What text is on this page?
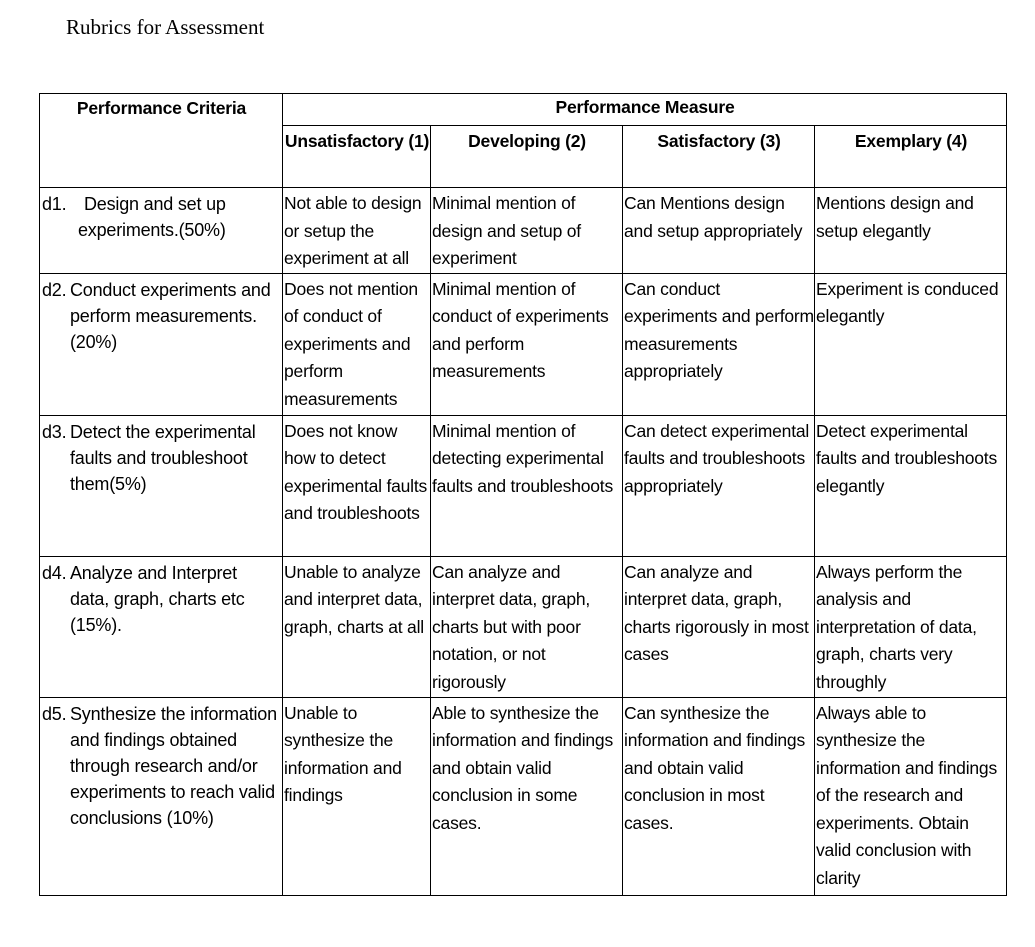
Rubrics for Assessment
Performance Criteria	Performance Measure			
	Unsatisfactory (1)	Developing (2)	Satisfactory (3)	Exemplary (4)

d1. Design and set up experiments.(50%)	Not able to design or setup the experiment at all	Minimal mention of design and setup of experiment	Can Mentions design and setup appropriately	Mentions design and setup elegantly

d2. Conduct experiments and perform measurements.(20%)	Does not mention of conduct of experiments and perform measurements	Minimal mention of conduct of experiments and perform measurements	Can conduct experiments and perform measurements appropriately	Experiment is conduced elegantly

d3. Detect the experimental faults and troubleshoot them(5%)	Does not know how to detect experimental faults and troubleshoots	Minimal mention of detecting experimental faults and troubleshoots	Can detect experimental faults and troubleshoots appropriately	Detect experimental faults and troubleshoots elegantly

d4. Analyze and Interpret data, graph, charts etc (15%).	Unable to analyze and interpret data, graph, charts at all	Can analyze and interpret data, graph, charts but with poor notation, or not rigorously	Can analyze and interpret data, graph, charts rigorously in most cases	Always perform the analysis and interpretation of data, graph, charts very throughly

d5. Synthesize the information and findings obtained through research and/or experiments to reach valid conclusions (10%)	Unable to synthesize the information and findings	Able to synthesize the information and findings and obtain valid conclusion in some cases.	Can synthesize the information and findings and obtain valid conclusion in most cases.	Always able to synthesize the information and findings of the research and experiments. Obtain valid conclusion with clarity
